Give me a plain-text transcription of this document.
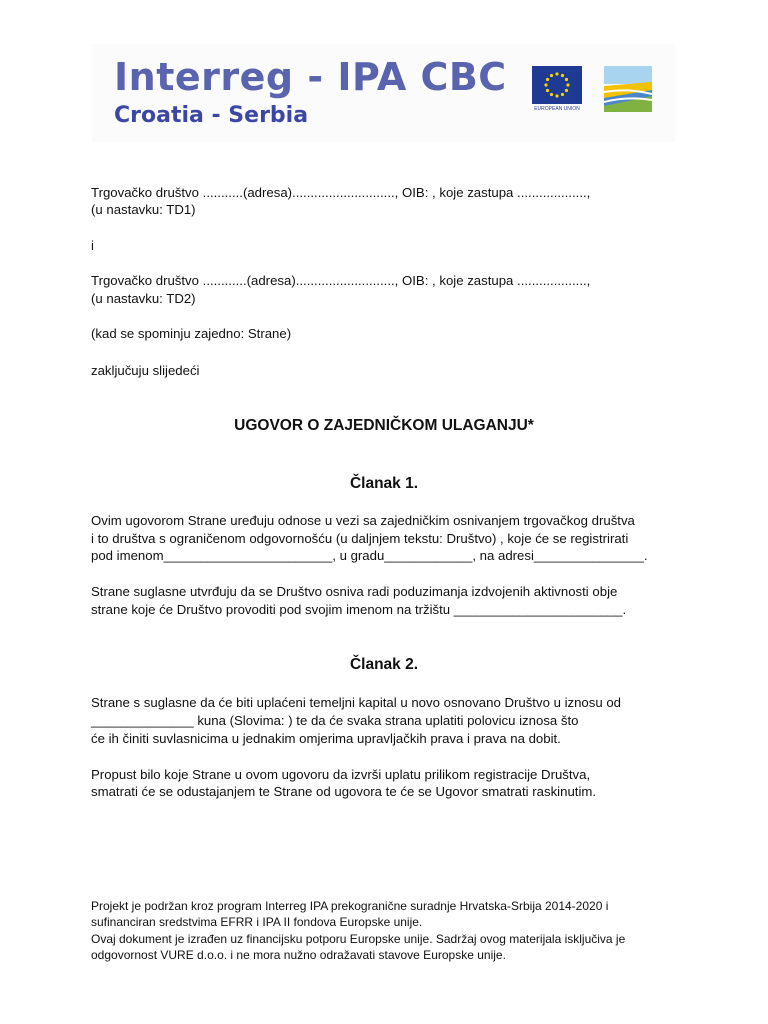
Interreg - IPA CBC
Croatia - Serbia	EUROPEAN UNION

Trgovačko društvo ...........(adresa)............................, OIB: , koje zastupa ...................,

(u nastavku: TD1)

i

Trgovačko društvo ............(adresa)..........................., OIB: , koje zastupa ...................,

(u nastavku: TD2)

(kad se spominju zajedno: Strane)

zaključuju slijedeći

UGOVOR O ZAJEDNIČKOM ULAGANJU*
Članak 1.

Ovim ugovorom Strane uređuju odnose u vezi sa zajedničkim osnivanjem trgovačkog društva

i to društva s ograničenom odgovornošću (u daljnjem tekstu: Društvo) , koje će se registrirati

pod imenom_______________________, u gradu____________, na adresi_______________.

Strane suglasne utvrđuju da se Društvo osniva radi poduzimanja izdvojenih aktivnosti obje

strane koje će Društvo provoditi pod svojim imenom na tržištu _______________________.

Članak 2.

Strane s suglasne da će biti uplaćeni temeljni kapital u novo osnovano Društvo u iznosu od

______________ kuna (Slovima: ) te da će svaka strana uplatiti polovicu iznosa što

će ih činiti suvlasnicima u jednakim omjerima upravljačkih prava i prava na dobit.

Propust bilo koje Strane u ovom ugovoru da izvrši uplatu prilikom registracije Društva,

smatrati će se odustajanjem te Strane od ugovora te će se Ugovor smatrati raskinutim.

Projekt je podržan kroz program Interreg IPA prekogranične suradnje Hrvatska-Srbija 2014-2020 i

sufinanciran sredstvima EFRR i IPA II fondova Europske unije.

Ovaj dokument je izrađen uz financijsku potporu Europske unije. Sadržaj ovog materijala isključiva je

odgovornost VURE d.o.o. i ne mora nužno odražavati stavove Europske unije.
